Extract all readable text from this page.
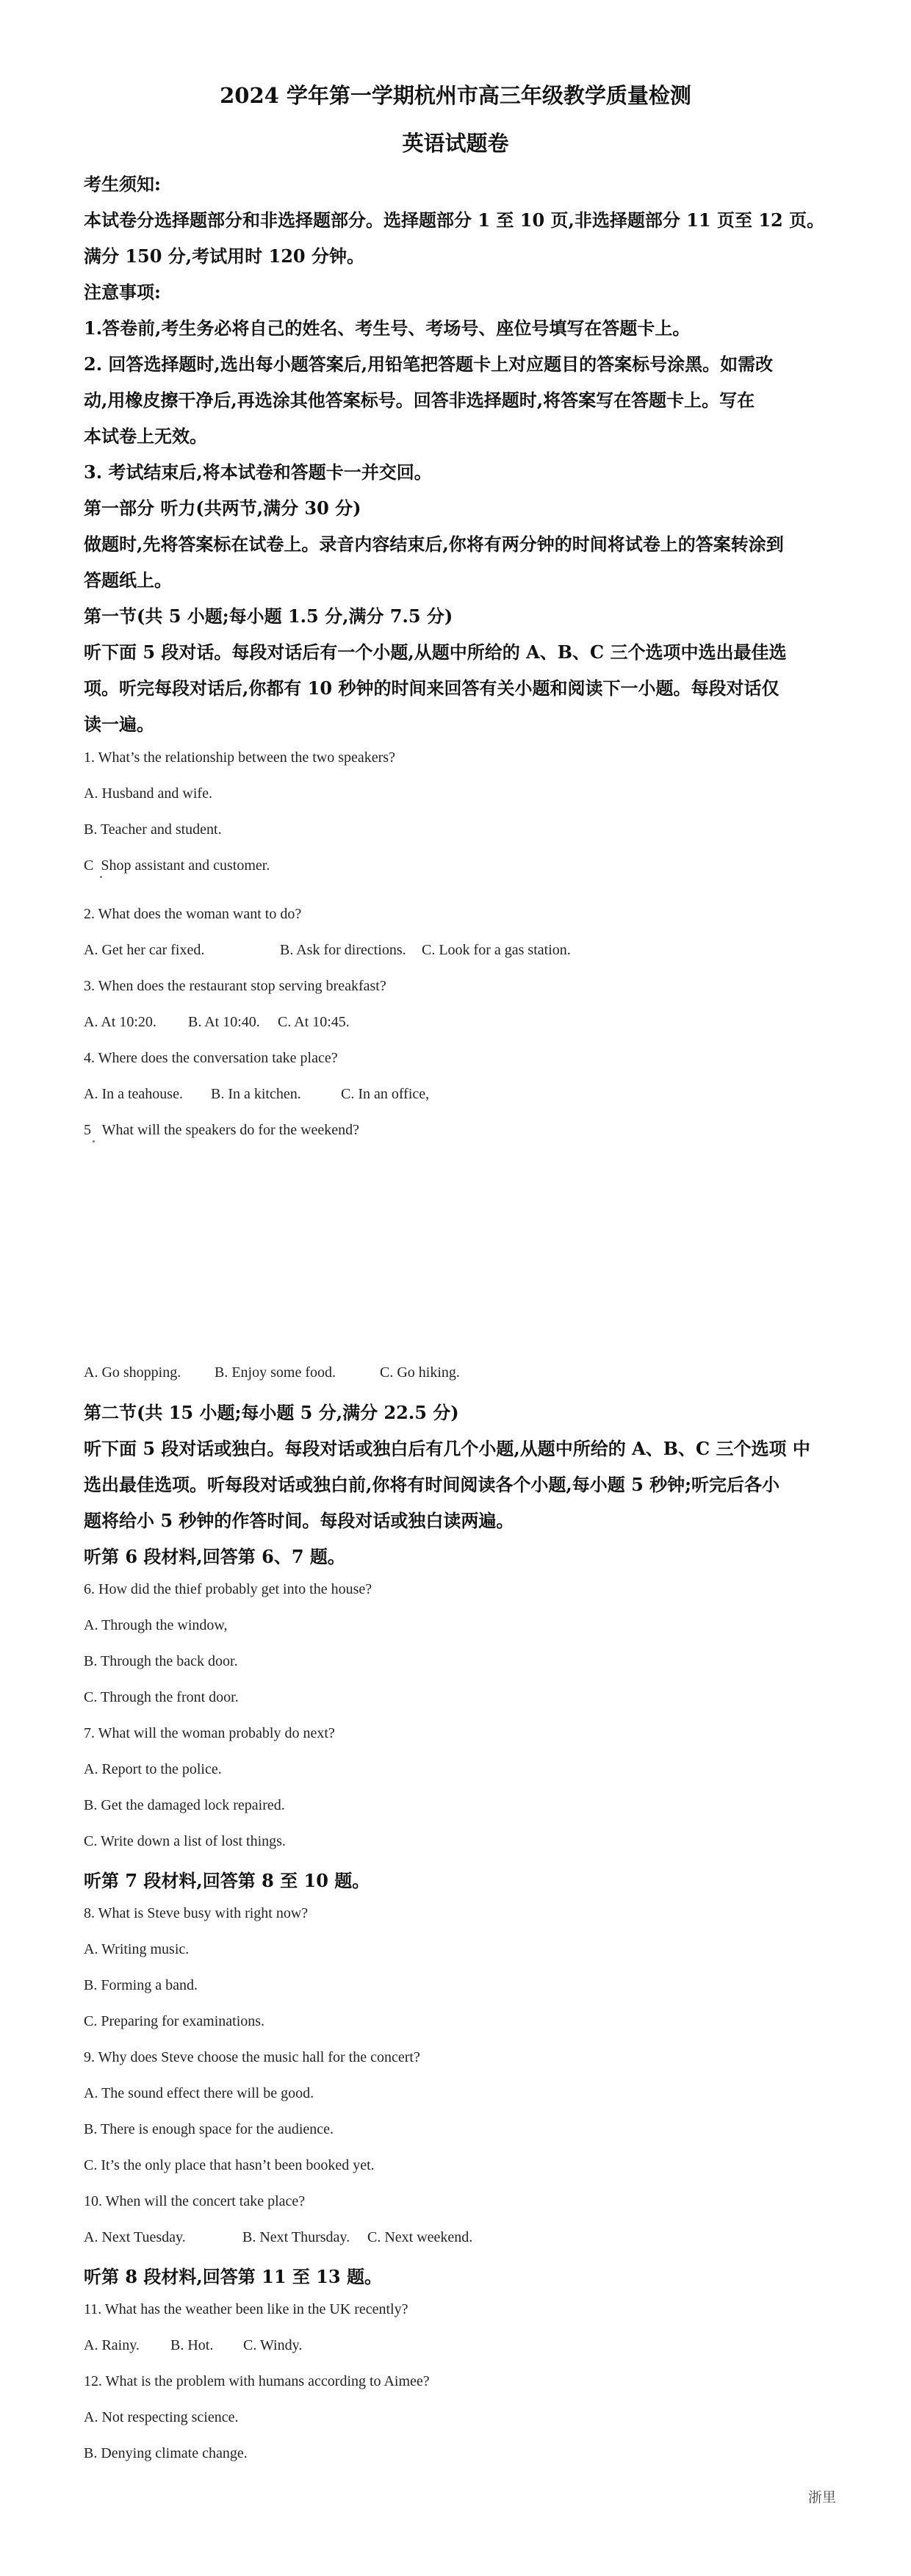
2024 学年第一学期杭州市高三年级教学质量检测
英语试题卷
考生须知:
本试卷分选择题部分和非选择题部分。选择题部分 1 至 10 页,非选择题部分 11 页至 12 页。
满分 150 分,考试用时 120 分钟。
注意事项:
1.答卷前,考生务必将自己的姓名、考生号、考场号、座位号填写在答题卡上。
2. 回答选择题时,选出每小题答案后,用铅笔把答题卡上对应题目的答案标号涂黑。如需改
动,用橡皮擦干净后,再选涂其他答案标号。回答非选择题时,将答案写在答题卡上。写在
本试卷上无效。
3. 考试结束后,将本试卷和答题卡一并交回。
第一部分 听力(共两节,满分 30 分)
做题时,先将答案标在试卷上。录音内容结束后,你将有两分钟的时间将试卷上的答案转涂到
答题纸上。
第一节(共 5 小题;每小题 1.5 分,满分 7.5 分)
听下面 5 段对话。每段对话后有一个小题,从题中所给的 A、B、C 三个选项中选出最佳选
项。听完每段对话后,你都有 10 秒钟的时间来回答有关小题和阅读下一小题。每段对话仅
读一遍。
1. What’s the relationship between the two speakers?
A. Husband and wife.
B. Teacher and student.
C  Shop assistant and customer.
2. What does the woman want to do?
A. Get her car fixed.	B. Ask for directions. C. Look for a gas station.
3. When does the restaurant stop serving breakfast?
A. At 10:20. B. At 10:40. C. At 10:45.
4. Where does the conversation take place?
A. In a teahouse. B. In a kitchen.	C. In an office,
5   What will the speakers do for the weekend?
A. Go shopping. B. Enjoy some food.	C. Go hiking.
第二节(共 15 小题;每小题 5 分,满分 22.5 分)
听下面 5 段对话或独白。每段对话或独白后有几个小题,从题中所给的 A、B、C 三个选项 中
选出最佳选项。听每段对话或独白前,你将有时间阅读各个小题,每小题 5 秒钟;听完后各小
题将给小 5 秒钟的作答时间。每段对话或独白读两遍。
听第 6 段材料,回答第 6、7 题。
6. How did the thief probably get into the house?
A. Through the window,
B. Through the back door.
C. Through the front door.
7. What will the woman probably do next?
A. Report to the police.
B. Get the damaged lock repaired.
C. Write down a list of lost things.
听第 7 段材料,回答第 8 至 10 题。
8. What is Steve busy with right now?
A. Writing music.
B. Forming a band.
C. Preparing for examinations.
9. Why does Steve choose the music hall for the concert?
A. The sound effect there will be good.
B. There is enough space for the audience.
C. It’s the only place that hasn’t been booked yet.
10. When will the concert take place?
A. Next Tuesday.	B. Next Thursday. C. Next weekend.
听第 8 段材料,回答第 11 至 13 题。
11. What has the weather been like in the UK recently?
A. Rainy. B. Hot. C. Windy.
12. What is the problem with humans according to Aimee?
A. Not respecting science.
B. Denying climate change.
浙里
